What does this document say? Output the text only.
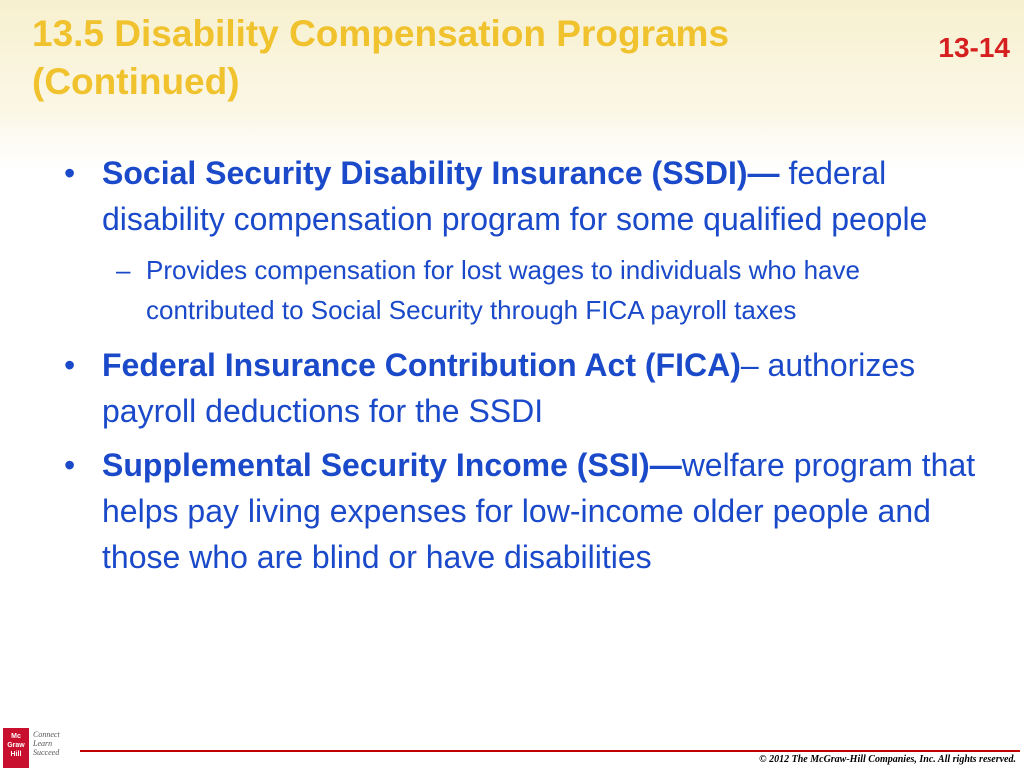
13.5 Disability Compensation Programs
(Continued)
13-14
• Social Security Disability Insurance (SSDI)— federal disability compensation program for some qualified people
– Provides compensation for lost wages to individuals who have contributed to Social Security through FICA payroll taxes
• Federal Insurance Contribution Act (FICA)– authorizes payroll deductions for the SSDI
• Supplemental Security Income (SSI)—welfare program that helps pay living expenses for low-income older people and those who are blind or have disabilities
Mc Graw Hill
Connect Learn Succeed
© 2012 The McGraw-Hill Companies, Inc. All rights reserved.
